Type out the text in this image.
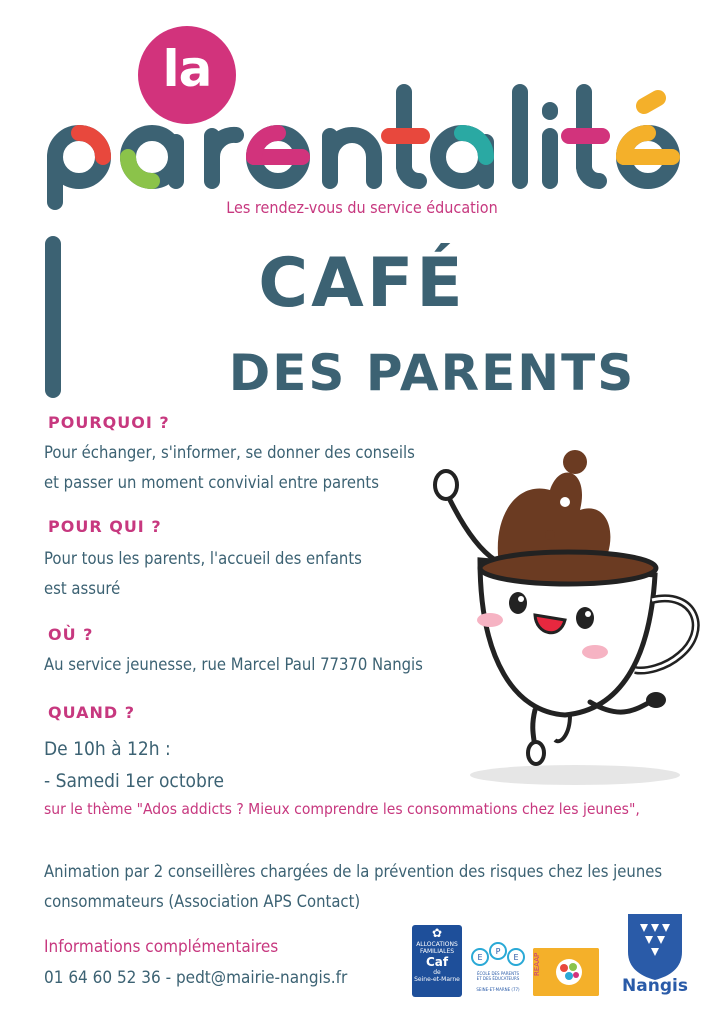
la
Les rendez-vous du service éducation
CAFÉ
DES PARENTS
POURQUOI ?
Pour échanger, s'informer, se donner des conseils
et passer un moment convivial entre parents
POUR QUI ?
Pour tous les parents, l'accueil des enfants
est assuré
OÙ ?
Au service jeunesse, rue Marcel Paul 77370 Nangis
QUAND ?
De 10h à 12h :
- Samedi 1er octobre
sur le thème "Ados addicts ? Mieux comprendre les consommations chez les jeunes",
Animation par 2 conseillères chargées de la prévention des risques chez les jeunes
consommateurs (Association APS Contact)
Informations complémentaires
01 64 60 52 36 - pedt@mairie-nangis.fr
✿
ALLOCATIONS FAMILIALES
Caf
de
Seine-et-Marne
E
P
E
ÉCOLE DES PARENTS
ET DES ÉDUCATEURS
SEINE-ET-MARNE (77)
REAAP
Nangis
